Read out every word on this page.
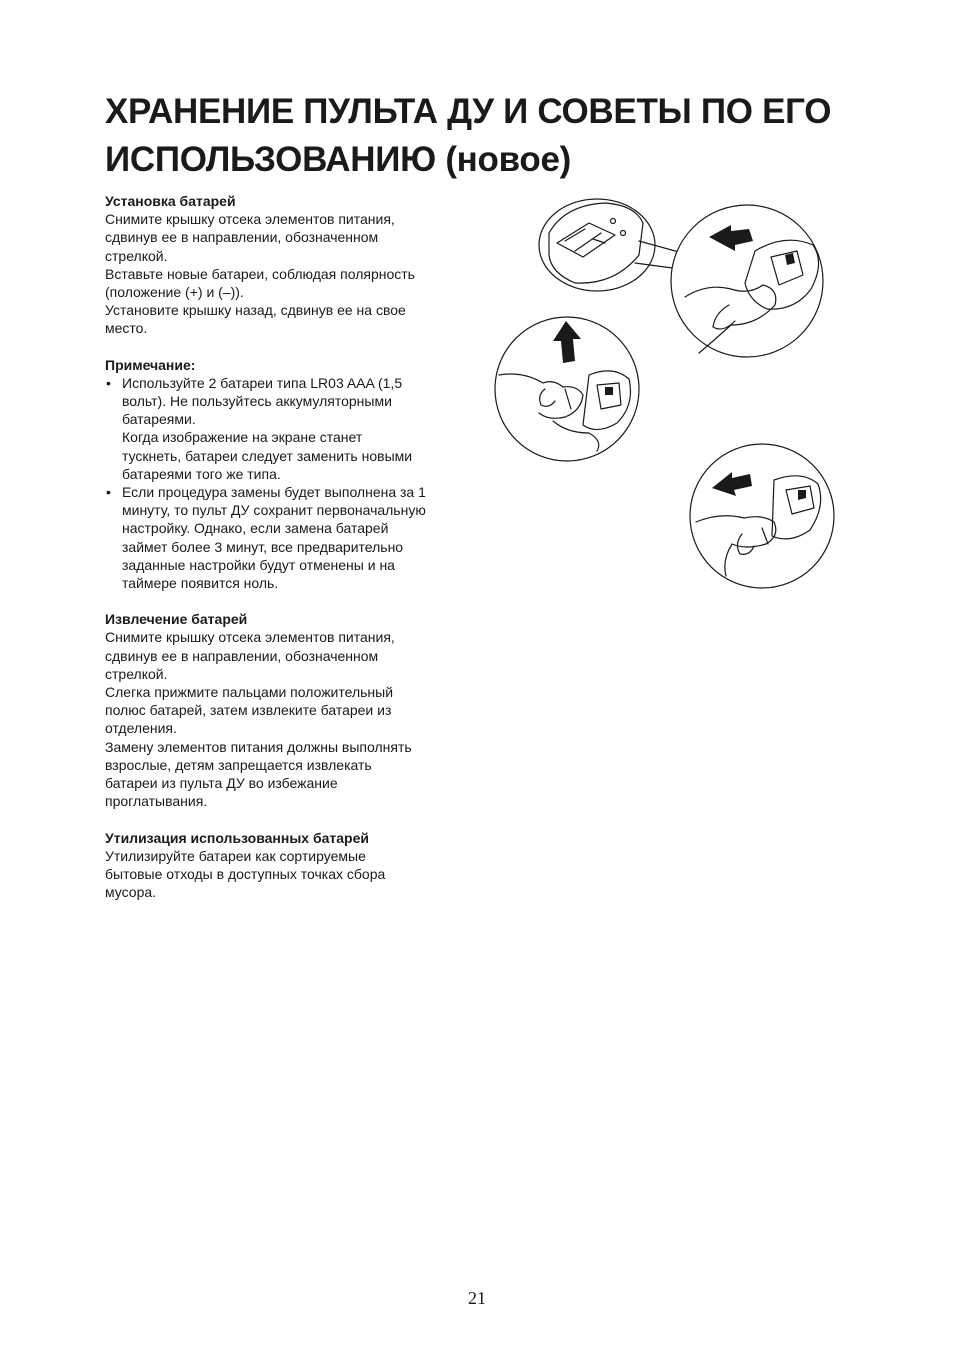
ХРАНЕНИЕ ПУЛЬТА ДУ И СОВЕТЫ ПО ЕГО ИСПОЛЬЗОВАНИЮ (новое)

Установка батарей

Снимите крышку отсека элементов питания,

сдвинув ее в направлении, обозначенном

стрелкой.

Вставьте новые батареи, соблюдая полярность

(положение (+) и (–)).

Установите крышку назад, сдвинув ее на свое

место.

Примечание:

• Используйте 2 батареи типа LR03 AAA (1,5

вольт). Не пользуйтесь аккумуляторными

батареями.

Когда изображение на экране станет

тускнеть, батареи следует заменить новыми

батареями того же типа.

• Если процедура замены будет выполнена за 1

минуту, то пульт ДУ сохранит первоначальную

настройку. Однако, если замена батарей

займет более 3 минут, все предварительно

заданные настройки будут отменены и на

таймере появится ноль.

Извлечение батарей

Снимите крышку отсека элементов питания,

сдвинув ее в направлении, обозначенном

стрелкой.

Слегка прижмите пальцами положительный

полюс батарей, затем извлеките батареи из

отделения.

Замену элементов питания должны выполнять

взрослые, детям запрещается извлекать

батареи из пульта ДУ во избежание

проглатывания.

Утилизация использованных батарей

Утилизируйте батареи как сортируемые

бытовые отходы в доступных точках сбора

мусора.

21
